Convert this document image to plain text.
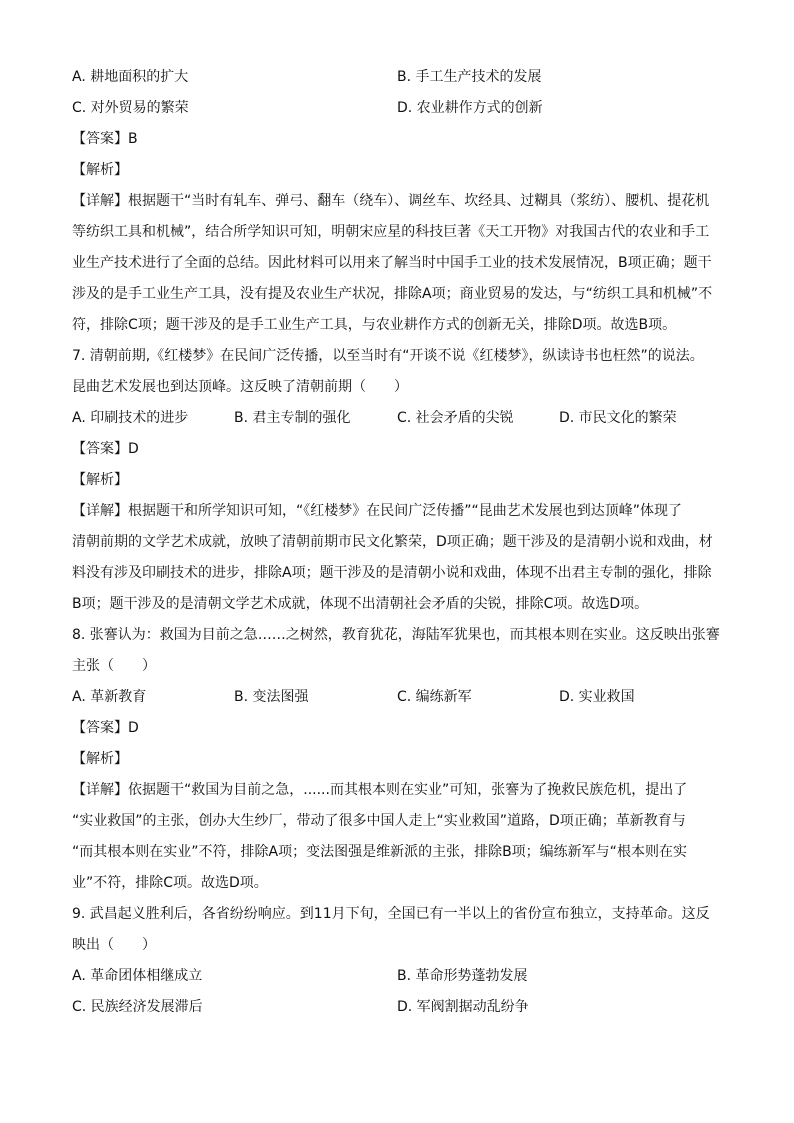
A. 耕地面积的扩大	B. 手工生产技术的发展
C. 对外贸易的繁荣	D. 农业耕作方式的创新
【答案】B
【解析】
【详解】根据题干“当时有轧车、弹弓、翻车（绕车）、调丝车、坎经具、过糊具（浆纺）、腰机、提花机
等纺织工具和机械”，结合所学知识可知，明朝宋应星的科技巨著《天工开物》对我国古代的农业和手工
业生产技术进行了全面的总结。因此材料可以用来了解当时中国手工业的技术发展情况，B项正确；题干
涉及的是手工业生产工具，没有提及农业生产状况，排除A项；商业贸易的发达，与“纺织工具和机械”不
符，排除C项；题干涉及的是手工业生产工具，与农业耕作方式的创新无关，排除D项。故选B项。
7. 清朝前期,《红楼梦》在民间广泛传播，以至当时有“开谈不说《红楼梦》，纵读诗书也枉然”的说法。
昆曲艺术发展也到达顶峰。这反映了清朝前期（　　）
A. 印刷技术的进步	B. 君主专制的强化	C. 社会矛盾的尖锐	D. 市民文化的繁荣
【答案】D
【解析】
【详解】根据题干和所学知识可知，“《红楼梦》在民间广泛传播”“昆曲艺术发展也到达顶峰”体现了
清朝前期的文学艺术成就，放映了清朝前期市民文化繁荣，D项正确；题干涉及的是清朝小说和戏曲，材
料没有涉及印刷技术的进步，排除A项；题干涉及的是清朝小说和戏曲，体现不出君主专制的强化，排除
B项；题干涉及的是清朝文学艺术成就，体现不出清朝社会矛盾的尖锐，排除C项。故选D项。
8. 张謇认为：救国为目前之急……之树然，教育犹花，海陆军犹果也，而其根本则在实业。这反映出张謇
主张（　　）
A. 革新教育	B. 变法图强	C. 编练新军	D. 实业救国
【答案】D
【解析】
【详解】依据题干“救国为目前之急，......而其根本则在实业”可知，张謇为了挽救民族危机，提出了
“实业救国”的主张，创办大生纱厂，带动了很多中国人走上“实业救国”道路，D项正确；革新教育与
“而其根本则在实业”不符，排除A项；变法图强是维新派的主张，排除B项；编练新军与“根本则在实
业”不符，排除C项。故选D项。
9. 武昌起义胜利后，各省纷纷响应。到11月下旬，全国已有一半以上的省份宣布独立，支持革命。这反
映出（　　）
A. 革命团体相继成立	B. 革命形势蓬勃发展
C. 民族经济发展滞后	D. 军阀割据动乱纷争
